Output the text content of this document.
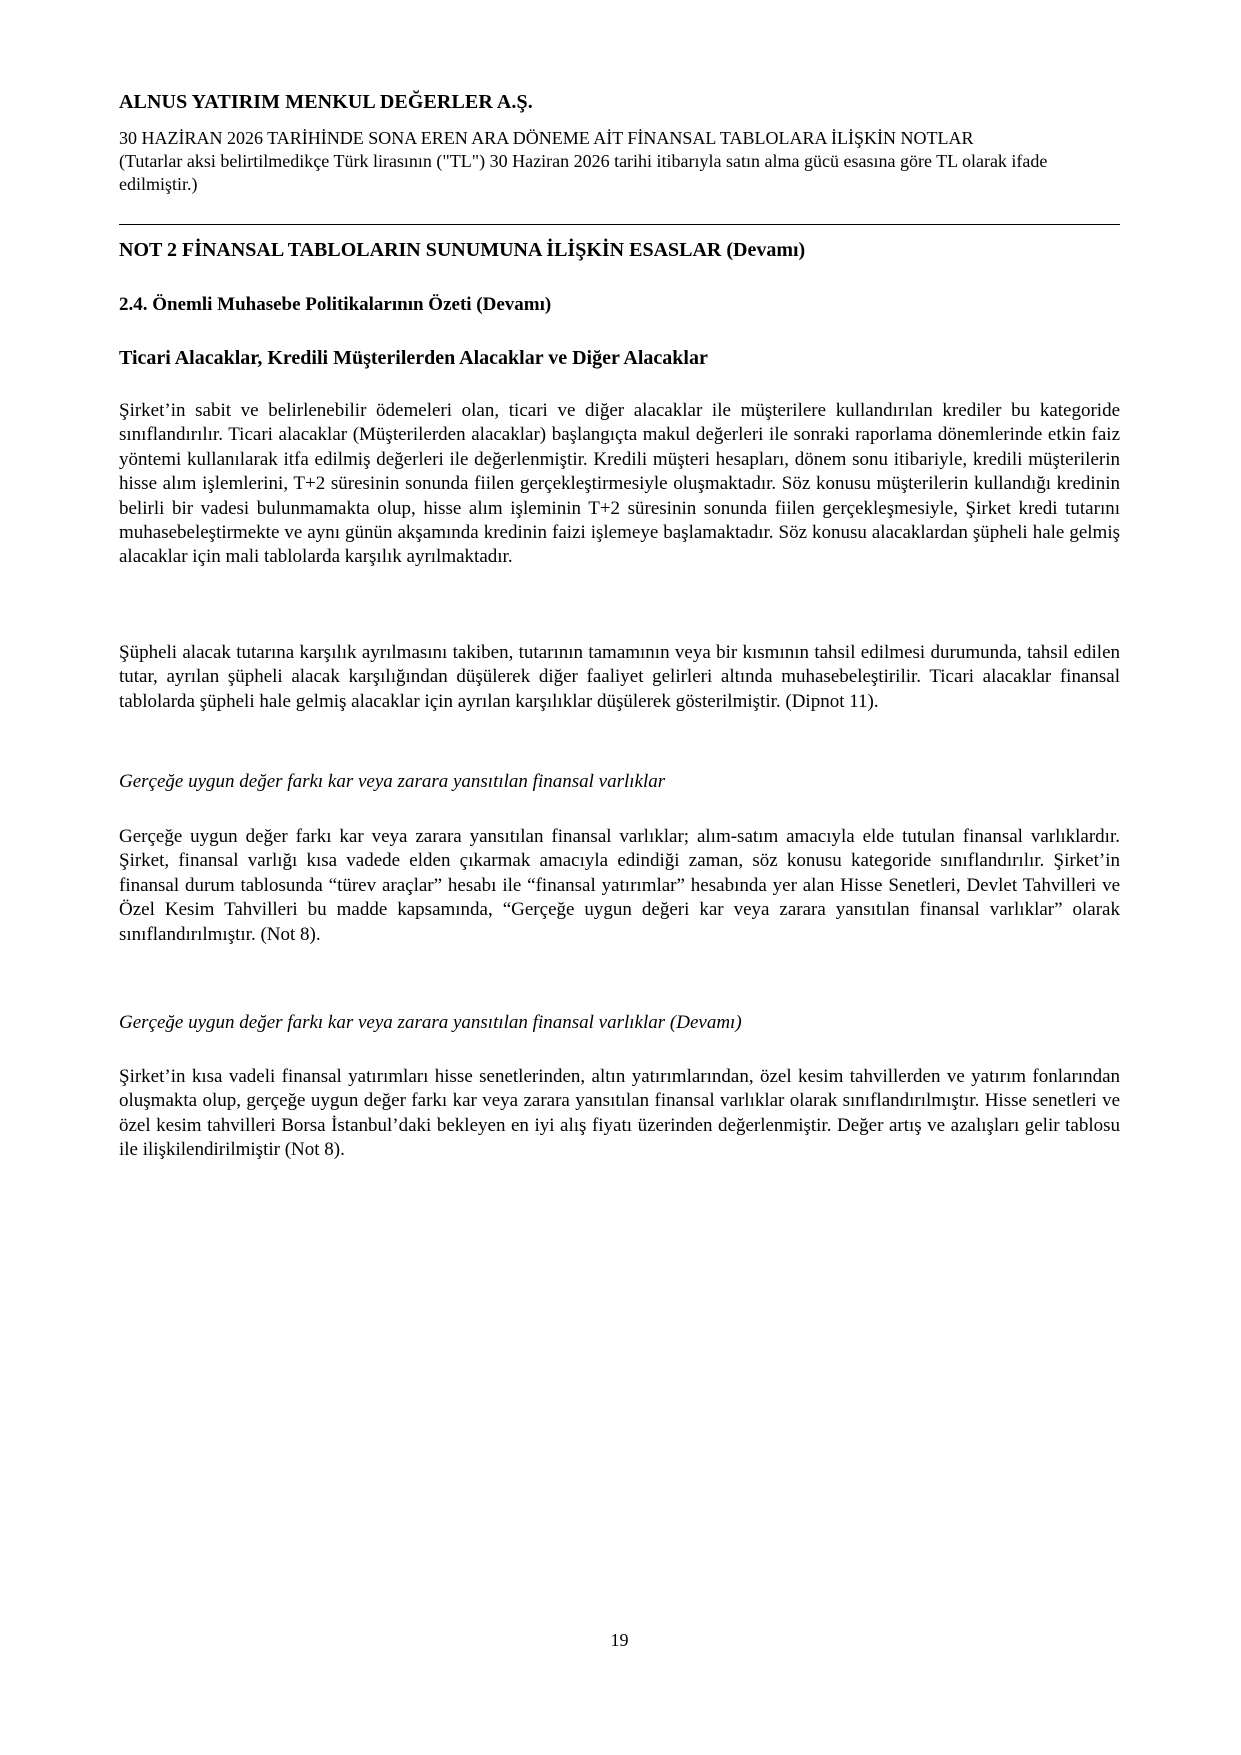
ALNUS YATIRIM MENKUL DEĞERLER A.Ş.

30 HAZİRAN 2026 TARİHİNDE SONA EREN ARA DÖNEME AİT FİNANSAL TABLOLARA İLİŞKİN NOTLAR
(Tutarlar aksi belirtilmedikçe Türk lirasının ("TL") 30 Haziran 2026 tarihi itibarıyla satın alma gücü esasına göre TL olarak ifade edilmiştir.)

NOT 2 FİNANSAL TABLOLARIN SUNUMUNA İLİŞKİN ESASLAR (Devamı)

2.4. Önemli Muhasebe Politikalarının Özeti (Devamı)

Ticari Alacaklar, Kredili Müşterilerden Alacaklar ve Diğer Alacaklar

Şirket’in sabit ve belirlenebilir ödemeleri olan, ticari ve diğer alacaklar ile müşterilere kullandırılan krediler bu kategoride sınıflandırılır. Ticari alacaklar (Müşterilerden alacaklar) başlangıçta makul değerleri ile sonraki raporlama dönemlerinde etkin faiz yöntemi kullanılarak itfa edilmiş değerleri ile değerlenmiştir. Kredili müşteri hesapları, dönem sonu itibariyle, kredili müşterilerin hisse alım işlemlerini, T+2 süresinin sonunda fiilen gerçekleştirmesiyle oluşmaktadır. Söz konusu müşterilerin kullandığı kredinin belirli bir vadesi bulunmamakta olup, hisse alım işleminin T+2 süresinin sonunda fiilen gerçekleşmesiyle, Şirket kredi tutarını muhasebeleştirmekte ve aynı günün akşamında kredinin faizi işlemeye başlamaktadır. Söz konusu alacaklardan şüpheli hale gelmiş alacaklar için mali tablolarda karşılık ayrılmaktadır.

Şüpheli alacak tutarına karşılık ayrılmasını takiben, tutarının tamamının veya bir kısmının tahsil edilmesi durumunda, tahsil edilen tutar, ayrılan şüpheli alacak karşılığından düşülerek diğer faaliyet gelirleri altında muhasebeleştirilir. Ticari alacaklar finansal tablolarda şüpheli hale gelmiş alacaklar için ayrılan karşılıklar düşülerek gösterilmiştir. (Dipnot 11).

Gerçeğe uygun değer farkı kar veya zarara yansıtılan finansal varlıklar

Gerçeğe uygun değer farkı kar veya zarara yansıtılan finansal varlıklar; alım-satım amacıyla elde tutulan finansal varlıklardır. Şirket, finansal varlığı kısa vadede elden çıkarmak amacıyla edindiği zaman, söz konusu kategoride sınıflandırılır. Şirket’in finansal durum tablosunda “türev araçlar” hesabı ile “finansal yatırımlar” hesabında yer alan Hisse Senetleri, Devlet Tahvilleri ve Özel Kesim Tahvilleri bu madde kapsamında, “Gerçeğe uygun değeri kar veya zarara yansıtılan finansal varlıklar” olarak sınıflandırılmıştır. (Not 8).

Gerçeğe uygun değer farkı kar veya zarara yansıtılan finansal varlıklar (Devamı)

Şirket’in kısa vadeli finansal yatırımları hisse senetlerinden, altın yatırımlarından, özel kesim tahvillerden ve yatırım fonlarından oluşmakta olup, gerçeğe uygun değer farkı kar veya zarara yansıtılan finansal varlıklar olarak sınıflandırılmıştır. Hisse senetleri ve özel kesim tahvilleri Borsa İstanbul’daki bekleyen en iyi alış fiyatı üzerinden değerlenmiştir. Değer artış ve azalışları gelir tablosu ile ilişkilendirilmiştir (Not 8).

19
